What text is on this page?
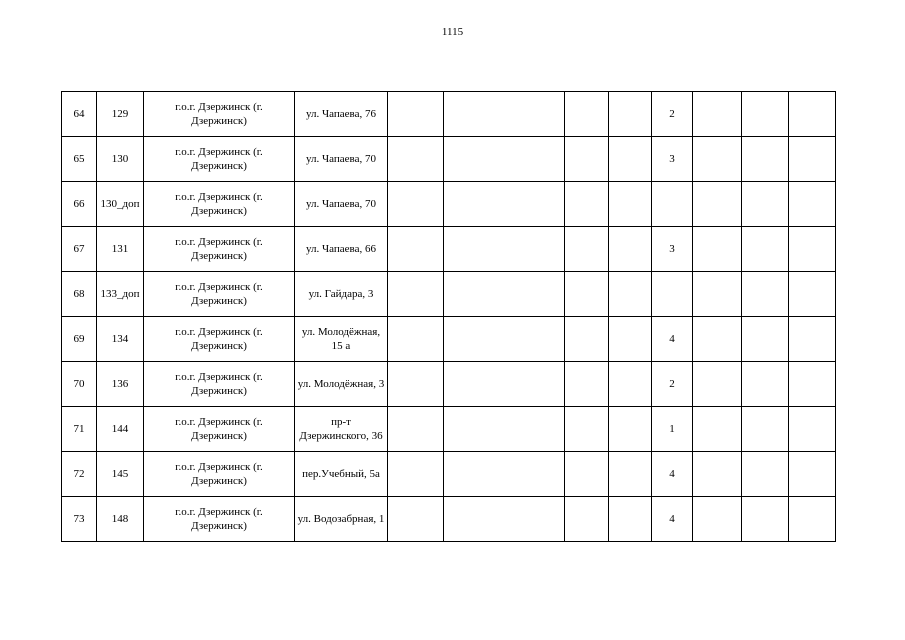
1115
64	129	г.о.г. Дзержинск (г. Дзержинск)	ул. Чапаева, 76					2			
65	130	г.о.г. Дзержинск (г. Дзержинск)	ул. Чапаева, 70					3			
66	130_доп	г.о.г. Дзержинск (г. Дзержинск)	ул. Чапаева, 70								
67	131	г.о.г. Дзержинск (г. Дзержинск)	ул. Чапаева, 66					3			
68	133_доп	г.о.г. Дзержинск (г. Дзержинск)	ул. Гайдара, 3								
69	134	г.о.г. Дзержинск (г. Дзержинск)	ул. Молодёжная, 15 а					4			
70	136	г.о.г. Дзержинск (г. Дзержинск)	ул. Молодёжная, 3					2			
71	144	г.о.г. Дзержинск (г. Дзержинск)	пр-т Дзержинского, 36					1			
72	145	г.о.г. Дзержинск (г. Дзержинск)	пер.Учебный, 5а					4			
73	148	г.о.г. Дзержинск (г. Дзержинск)	ул. Водозабрная, 1					4			
